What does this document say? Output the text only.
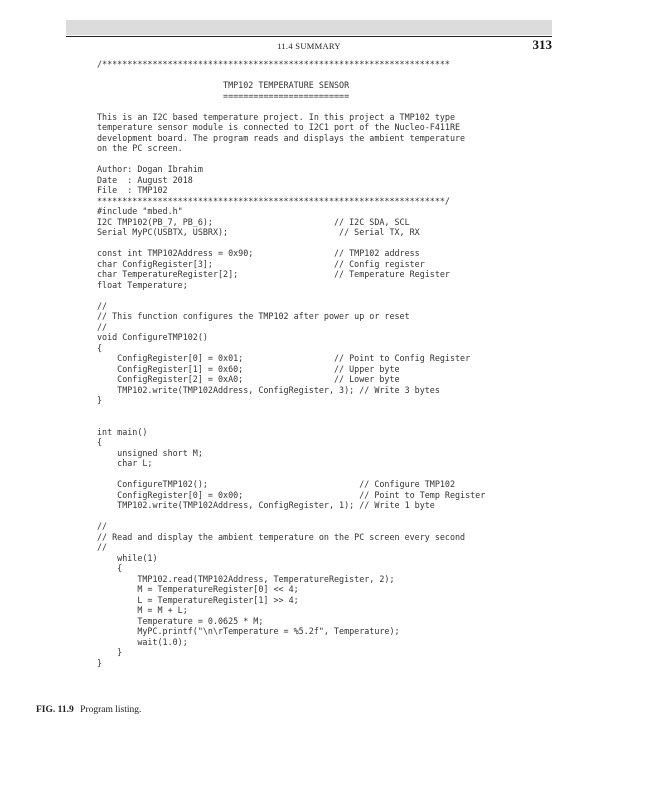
11.4 SUMMARY	313
/*********************************************************************
TMP102 TEMPERATURE SENSOR
=========================
This is an I2C based temperature project. In this project a TMP102 type
temperature sensor module is connected to I2C1 port of the Nucleo-F411RE
development board. The program reads and displays the ambient temperature
on the PC screen.
Author: Dogan Ibrahim
Date  : August 2018
File  : TMP102
*********************************************************************/
#include "mbed.h"
I2C TMP102(PB_7, PB_6);                        // I2C SDA, SCL
Serial MyPC(USBTX, USBRX);                      // Serial TX, RX
const int TMP102Address = 0x90;                // TMP102 address
char ConfigRegister[3];                        // Config register
char TemperatureRegister[2];                   // Temperature Register
float Temperature;
//
// This function configures the TMP102 after power up or reset
//
void ConfigureTMP102()
{
ConfigRegister[0] = 0x01;                  // Point to Config Register
ConfigRegister[1] = 0x60;                  // Upper byte
ConfigRegister[2] = 0xA0;                  // Lower byte
TMP102.write(TMP102Address, ConfigRegister, 3); // Write 3 bytes
}
int main()
{
unsigned short M;
char L;
ConfigureTMP102();                              // Configure TMP102
ConfigRegister[0] = 0x00;                       // Point to Temp Register
TMP102.write(TMP102Address, ConfigRegister, 1); // Write 1 byte
//
// Read and display the ambient temperature on the PC screen every second
//
while(1)
{
TMP102.read(TMP102Address, TemperatureRegister, 2);
M = TemperatureRegister[0] << 4;
L = TemperatureRegister[1] >> 4;
M = M + L;
Temperature = 0.0625 * M;
MyPC.printf("\n\rTemperature = %5.2f", Temperature);
wait(1.0);
}
}
FIG. 11.9 Program listing.
